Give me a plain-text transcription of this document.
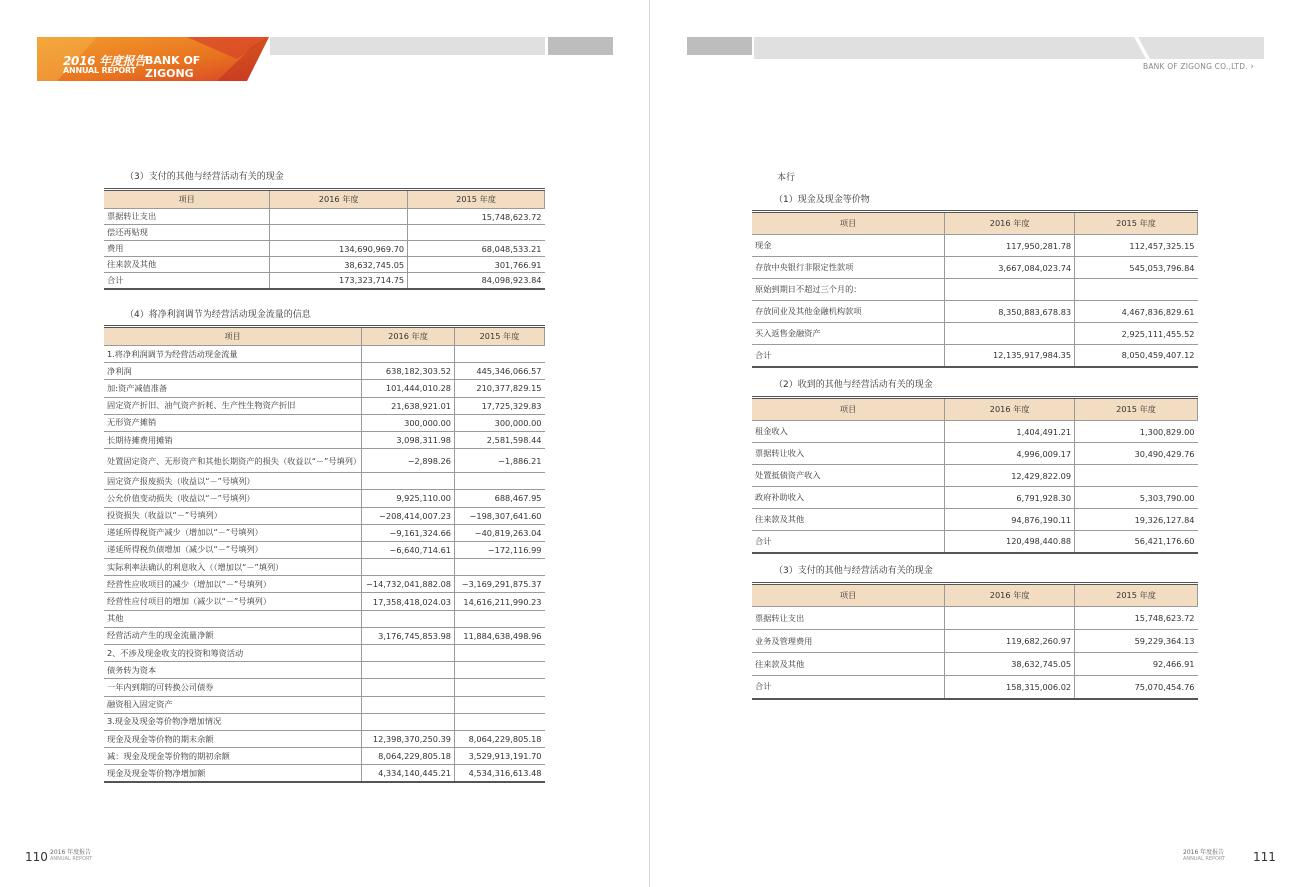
2016 年度报告
ANNUAL REPORT
BANK OF
ZIGONG
（3）支付的其他与经营活动有关的现金
项目	2016 年度	2015 年度
票据转让支出		15,748,623.72
偿还再贴现		
费用	134,690,969.70	68,048,533.21
往来款及其他	38,632,745.05	301,766.91
合计	173,323,714.75	84,098,923.84
（4）将净利润调节为经营活动现金流量的信息
项目	2016 年度	2015 年度
1.将净利润调节为经营活动现金流量		
净利润	638,182,303.52	445,346,066.57
加:资产减值准备	101,444,010.28	210,377,829.15
固定资产折旧、油气资产折耗、生产性生物资产折旧	21,638,921.01	17,725,329.83
无形资产摊销	300,000.00	300,000.00
长期待摊费用摊销	3,098,311.98	2,581,598.44
处置固定资产、无形资产和其他长期资产的损失（收益以“－”号填列）	−2,898.26	−1,886.21
固定资产报废损失（收益以“－”号填列）		
公允价值变动损失（收益以“－”号填列）	9,925,110.00	688,467.95
投资损失（收益以“－”号填列）	−208,414,007.23	−198,307,641.60
递延所得税资产减少（增加以“－”号填列）	−9,161,324.66	−40,819,263.04
递延所得税负债增加（减少以“－”号填列）	−6,640,714.61	−172,116.99
实际利率法确认的利息收入（（增加以“－”填列）		
经营性应收项目的减少（增加以“－”号填列）	−14,732,041,882.08	−3,169,291,875.37
经营性应付项目的增加（减少以“－”号填列）	17,358,418,024.03	14,616,211,990.23
其他		
经营活动产生的现金流量净额	3,176,745,853.98	11,884,638,498.96
2、不涉及现金收支的投资和筹资活动		
债务转为资本		
一年内到期的可转换公司债券		
融资租入固定资产		
3.现金及现金等价物净增加情况		
现金及现金等价物的期末余额	12,398,370,250.39	8,064,229,805.18
减：现金及现金等价物的期初余额	8,064,229,805.18	3,529,913,191.70
现金及现金等价物净增加额	4,334,140,445.21	4,534,316,613.48
110 2016 年度报告
ANNUAL REPORT
BANK OF ZIGONG CO.,LTD. ›
本行
（1）现金及现金等价物
项目	2016 年度	2015 年度
现金	117,950,281.78	112,457,325.15
存放中央银行非限定性款项	3,667,084,023.74	545,053,796.84
原始到期日不超过三个月的：		
存放同业及其他金融机构款项	8,350,883,678.83	4,467,836,829.61
买入返售金融资产		2,925,111,455.52
合计	12,135,917,984.35	8,050,459,407.12
（2）收到的其他与经营活动有关的现金
项目	2016 年度	2015 年度
租金收入	1,404,491.21	1,300,829.00
票据转让收入	4,996,009.17	30,490,429.76
处置抵债资产收入	12,429,822.09	
政府补助收入	6,791,928.30	5,303,790.00
往来款及其他	94,876,190.11	19,326,127.84
合计	120,498,440.88	56,421,176.60
（3）支付的其他与经营活动有关的现金
项目	2016 年度	2015 年度
票据转让支出		15,748,623.72
业务及管理费用	119,682,260.97	59,229,364.13
往来款及其他	38,632,745.05	92,466.91
合计	158,315,006.02	75,070,454.76
2016 年度报告
ANNUAL REPORT 111
